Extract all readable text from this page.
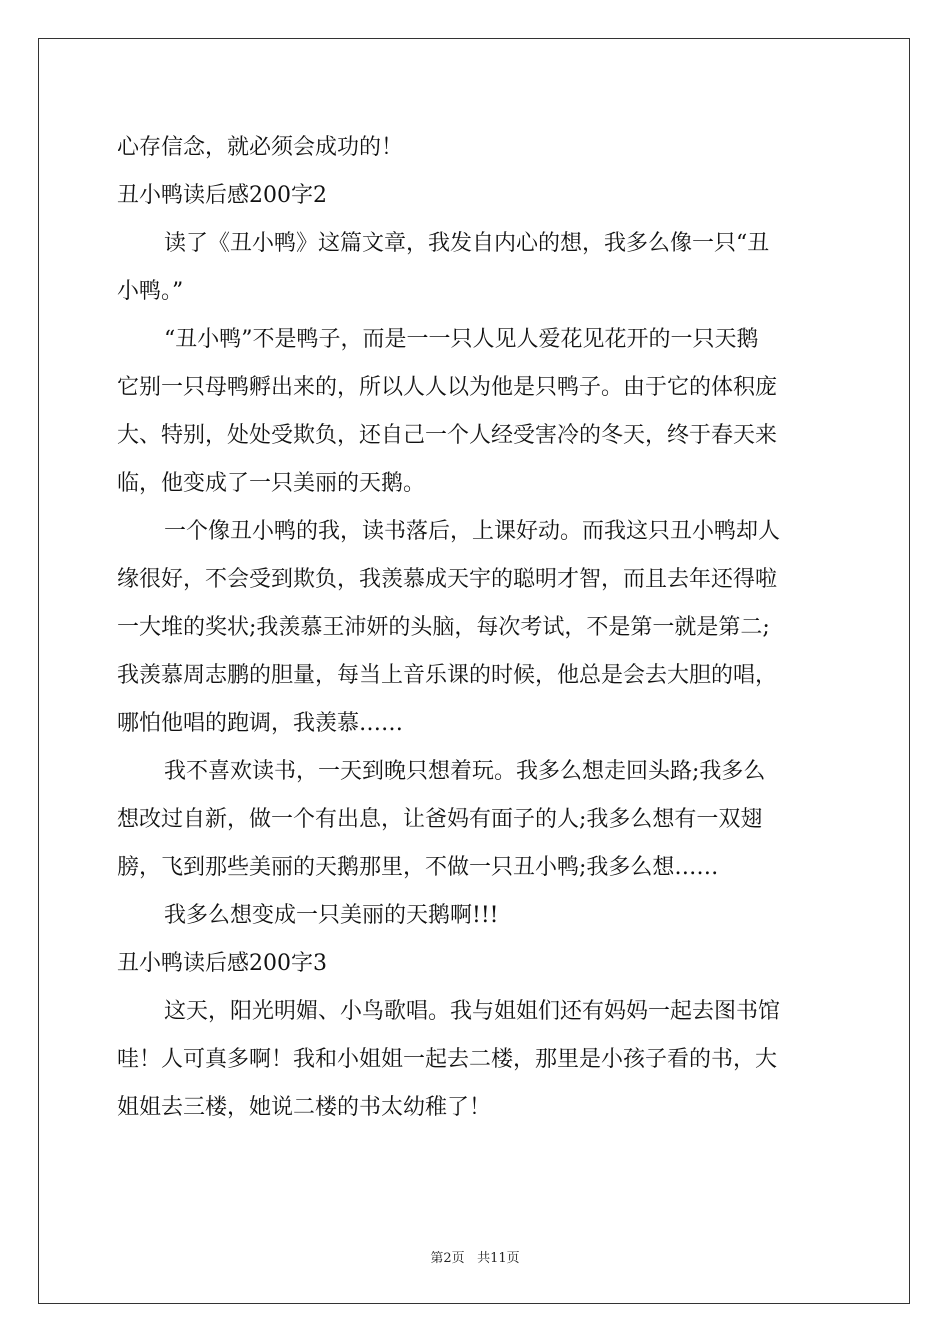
心存信念，就必须会成功的！
丑小鸭读后感200字2
读了《丑小鸭》这篇文章，我发自内心的想，我多么像一只“丑
小鸭。”
“丑小鸭”不是鸭子，而是一一只人见人爱花见花开的一只天鹅
它别一只母鸭孵出来的，所以人人以为他是只鸭子。由于它的体积庞
大、特别，处处受欺负，还自己一个人经受害冷的冬天，终于春天来
临，他变成了一只美丽的天鹅。
一个像丑小鸭的我，读书落后，上课好动。而我这只丑小鸭却人
缘很好，不会受到欺负，我羡慕成天宇的聪明才智，而且去年还得啦
一大堆的奖状;我羡慕王沛妍的头脑，每次考试，不是第一就是第二;
我羡慕周志鹏的胆量，每当上音乐课的时候，他总是会去大胆的唱，
哪怕他唱的跑调，我羡慕……
我不喜欢读书，一天到晚只想着玩。我多么想走回头路;我多么
想改过自新，做一个有出息，让爸妈有面子的人;我多么想有一双翅
膀，飞到那些美丽的天鹅那里，不做一只丑小鸭;我多么想……
我多么想变成一只美丽的天鹅啊!!!
丑小鸭读后感200字3
这天，阳光明媚、小鸟歌唱。我与姐姐们还有妈妈一起去图书馆
哇！人可真多啊！我和小姐姐一起去二楼，那里是小孩子看的书，大
姐姐去三楼，她说二楼的书太幼稚了！
第2页 共11页
